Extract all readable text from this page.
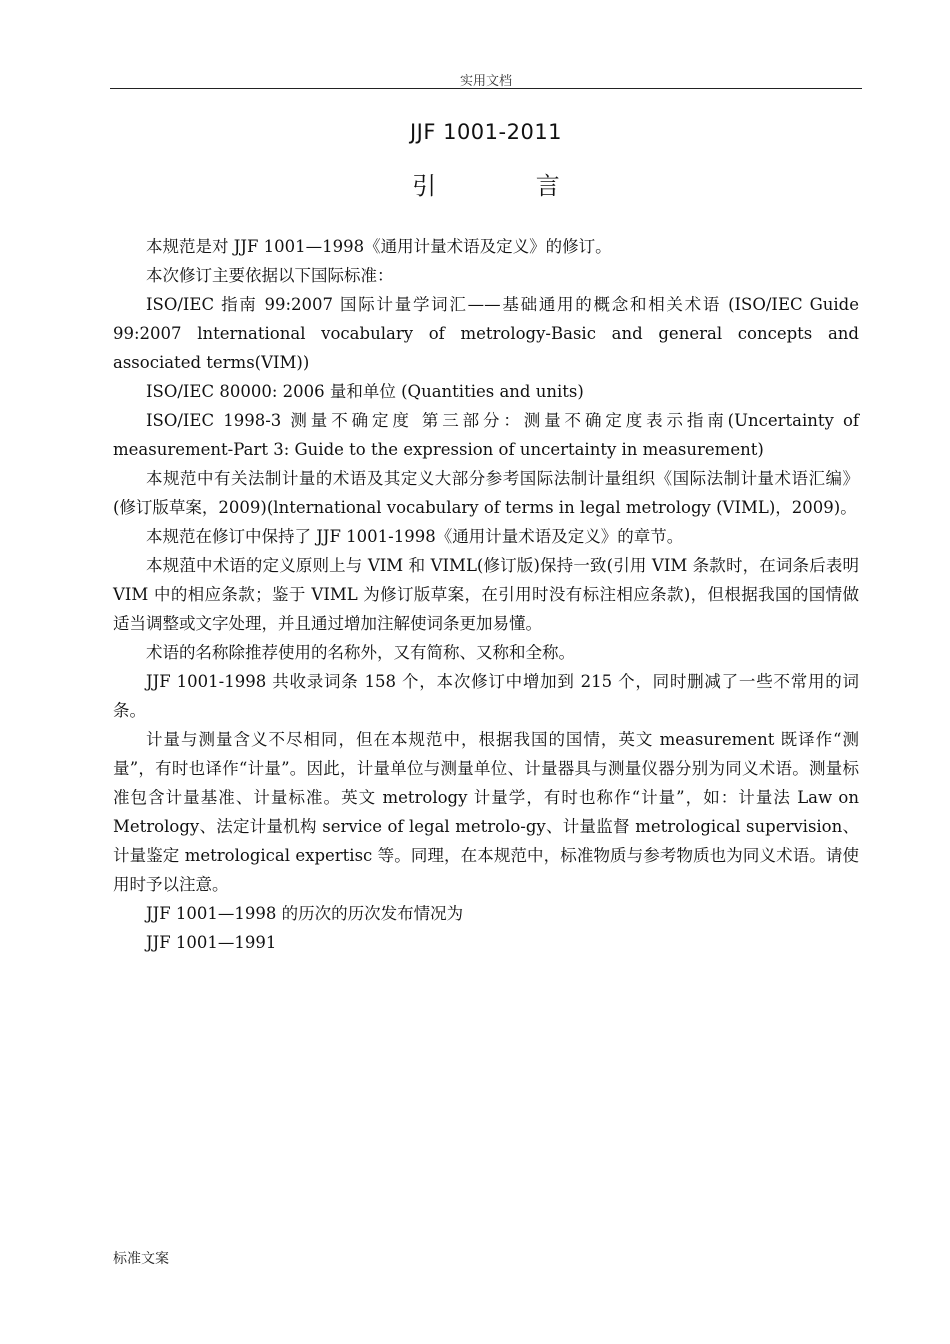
实用文档
JJF 1001-2011
引 言

本规范是对 JJF 1001—1998《通用计量术语及定义》的修订。

本次修订主要依据以下国际标准：

ISO/IEC 指南 99:2007 国际计量学词汇——基础通用的概念和相关术语 (ISO/IEC Guide 99:2007 lnternational vocabulary of metrology-Basic and general concepts and associated terms(VIM))

ISO/IEC 80000: 2006 量和单位 (Quantities and units)

ISO/IEC 1998-3 测量不确定度 第三部分：测量不确定度表示指南(Uncertainty of measurement-Part 3: Guide to the expression of uncertainty in measurement)

本规范中有关法制计量的术语及其定义大部分参考国际法制计量组织《国际法制计量术语汇编》(修订版草案，2009)(lnternational vocabulary of terms in legal metrology (VIML)，2009)。

本规范在修订中保持了 JJF 1001-1998《通用计量术语及定义》的章节。

本规菹中术语的定义原则上与 VIM 和 VIML(修订版)保持一致(引用 VIM 条款时，在词条后表明 VIM 中的相应条款；鉴于 VIML 为修订版草案，在引用时没有标注相应条款)，但根据我国的国情做适当调整或文字处理，并且通过增加注解使词条更加易懂。

术语的名称除推荐使用的名称外，又有简称、又称和全称。

JJF 1001-1998 共收录词条 158 个，本次修订中增加到 215 个，同时删减了一些不常用的词条。

计量与测量含义不尽相同，但在本规范中，根据我国的国情，英文 measurement 既译作“测量”，有时也译作“计量”。因此，计量单位与测量单位、计量器具与测量仪器分别为同义术语。测量标准包含计量基准、计量标准。英文 metrology 计量学，有时也称作“计量”，如：计量法 Law on Metrology、法定计量机构 service of legal metrolo-gy、计量监督 metrological supervision、计量鉴定 metrological expertisc 等。同理，在本规范中，标准物质与参考物质也为同义术语。请使用时予以注意。

JJF 1001—1998 的历次的历次发布情况为

JJF 1001—1991

标准文案
